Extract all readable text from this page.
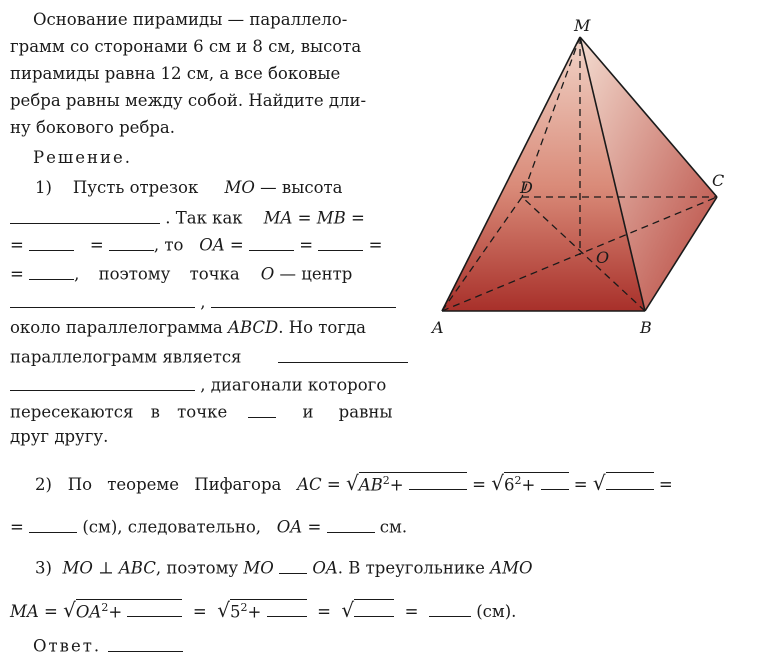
Основание пирамиды — параллело-
грамм со сторонами 6 см и 8 см, высота
пирамиды равна 12 см, а все боковые
ребра равны между собой. Найдите дли-
ну бокового ребра.
Решение.
1) Пусть отрезок MO — высота
. Так как MA = MB =
=	=	, то OA =	=	=
=	, поэтому точка O — центр
,
около параллелограмма ABCD. Но тогда
параллелограмм является
, диагонали которого
пересекаются в точке	и равны
друг другу.
2) По теореме Пифагора AC = $√AB^2+$	= $√6^2+$ = √	=
=	(см), следовательно, OA =	см.
3) MO ⊥ ABC, поэтому MO OA. В треугольнике AMO
MA = $√OA^2+$	= $√5^2+$	= √	=	(см).
Ответ.
M
C
D
O
A	B
